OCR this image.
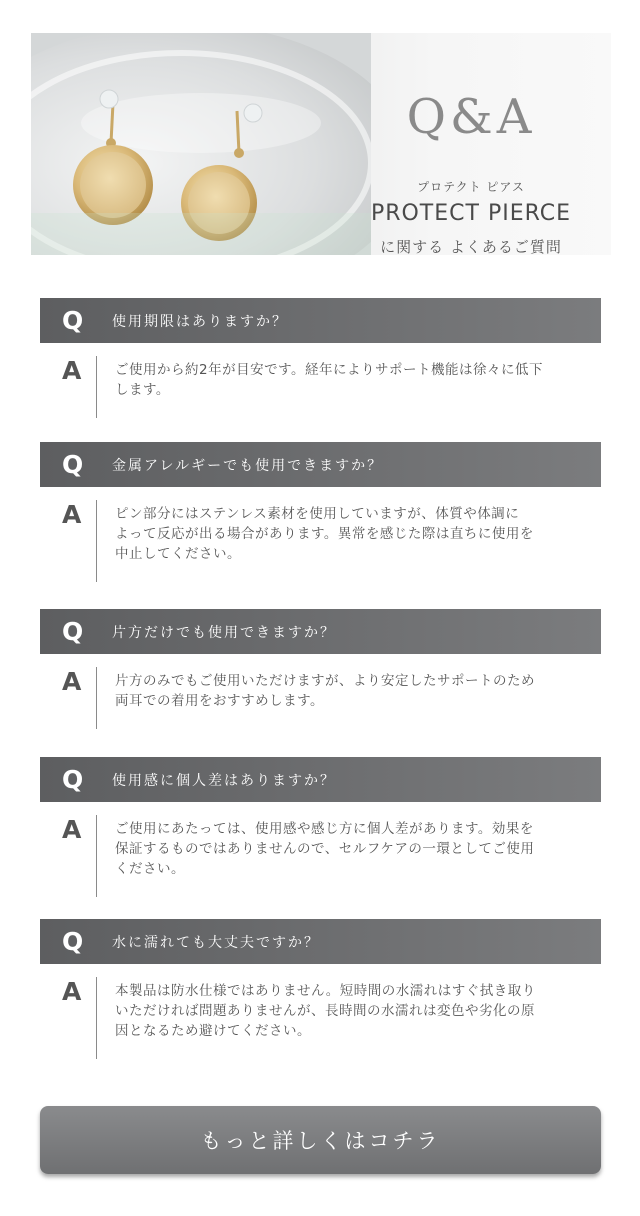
Q&A
プロテクト ピアス
PROTECT PIERCE
に関する よくあるご質問
Q	使用期限はありますか？
A	ご使用から約2年が目安です。経年によりサポート機能は徐々に低下
します。
Q	金属アレルギーでも使用できますか？
A	ピン部分にはステンレス素材を使用していますが、体質や体調に
よって反応が出る場合があります。異常を感じた際は直ちに使用を
中止してください。
Q	片方だけでも使用できますか？
A	片方のみでもご使用いただけますが、より安定したサポートのため
両耳での着用をおすすめします。
Q	使用感に個人差はありますか？
A	ご使用にあたっては、使用感や感じ方に個人差があります。効果を
保証するものではありませんので、セルフケアの一環としてご使用
ください。
Q	水に濡れても大丈夫ですか？
A	本製品は防水仕様ではありません。短時間の水濡れはすぐ拭き取り
いただければ問題ありませんが、長時間の水濡れは変色や劣化の原
因となるため避けてください。
もっと詳しくはコチラ
